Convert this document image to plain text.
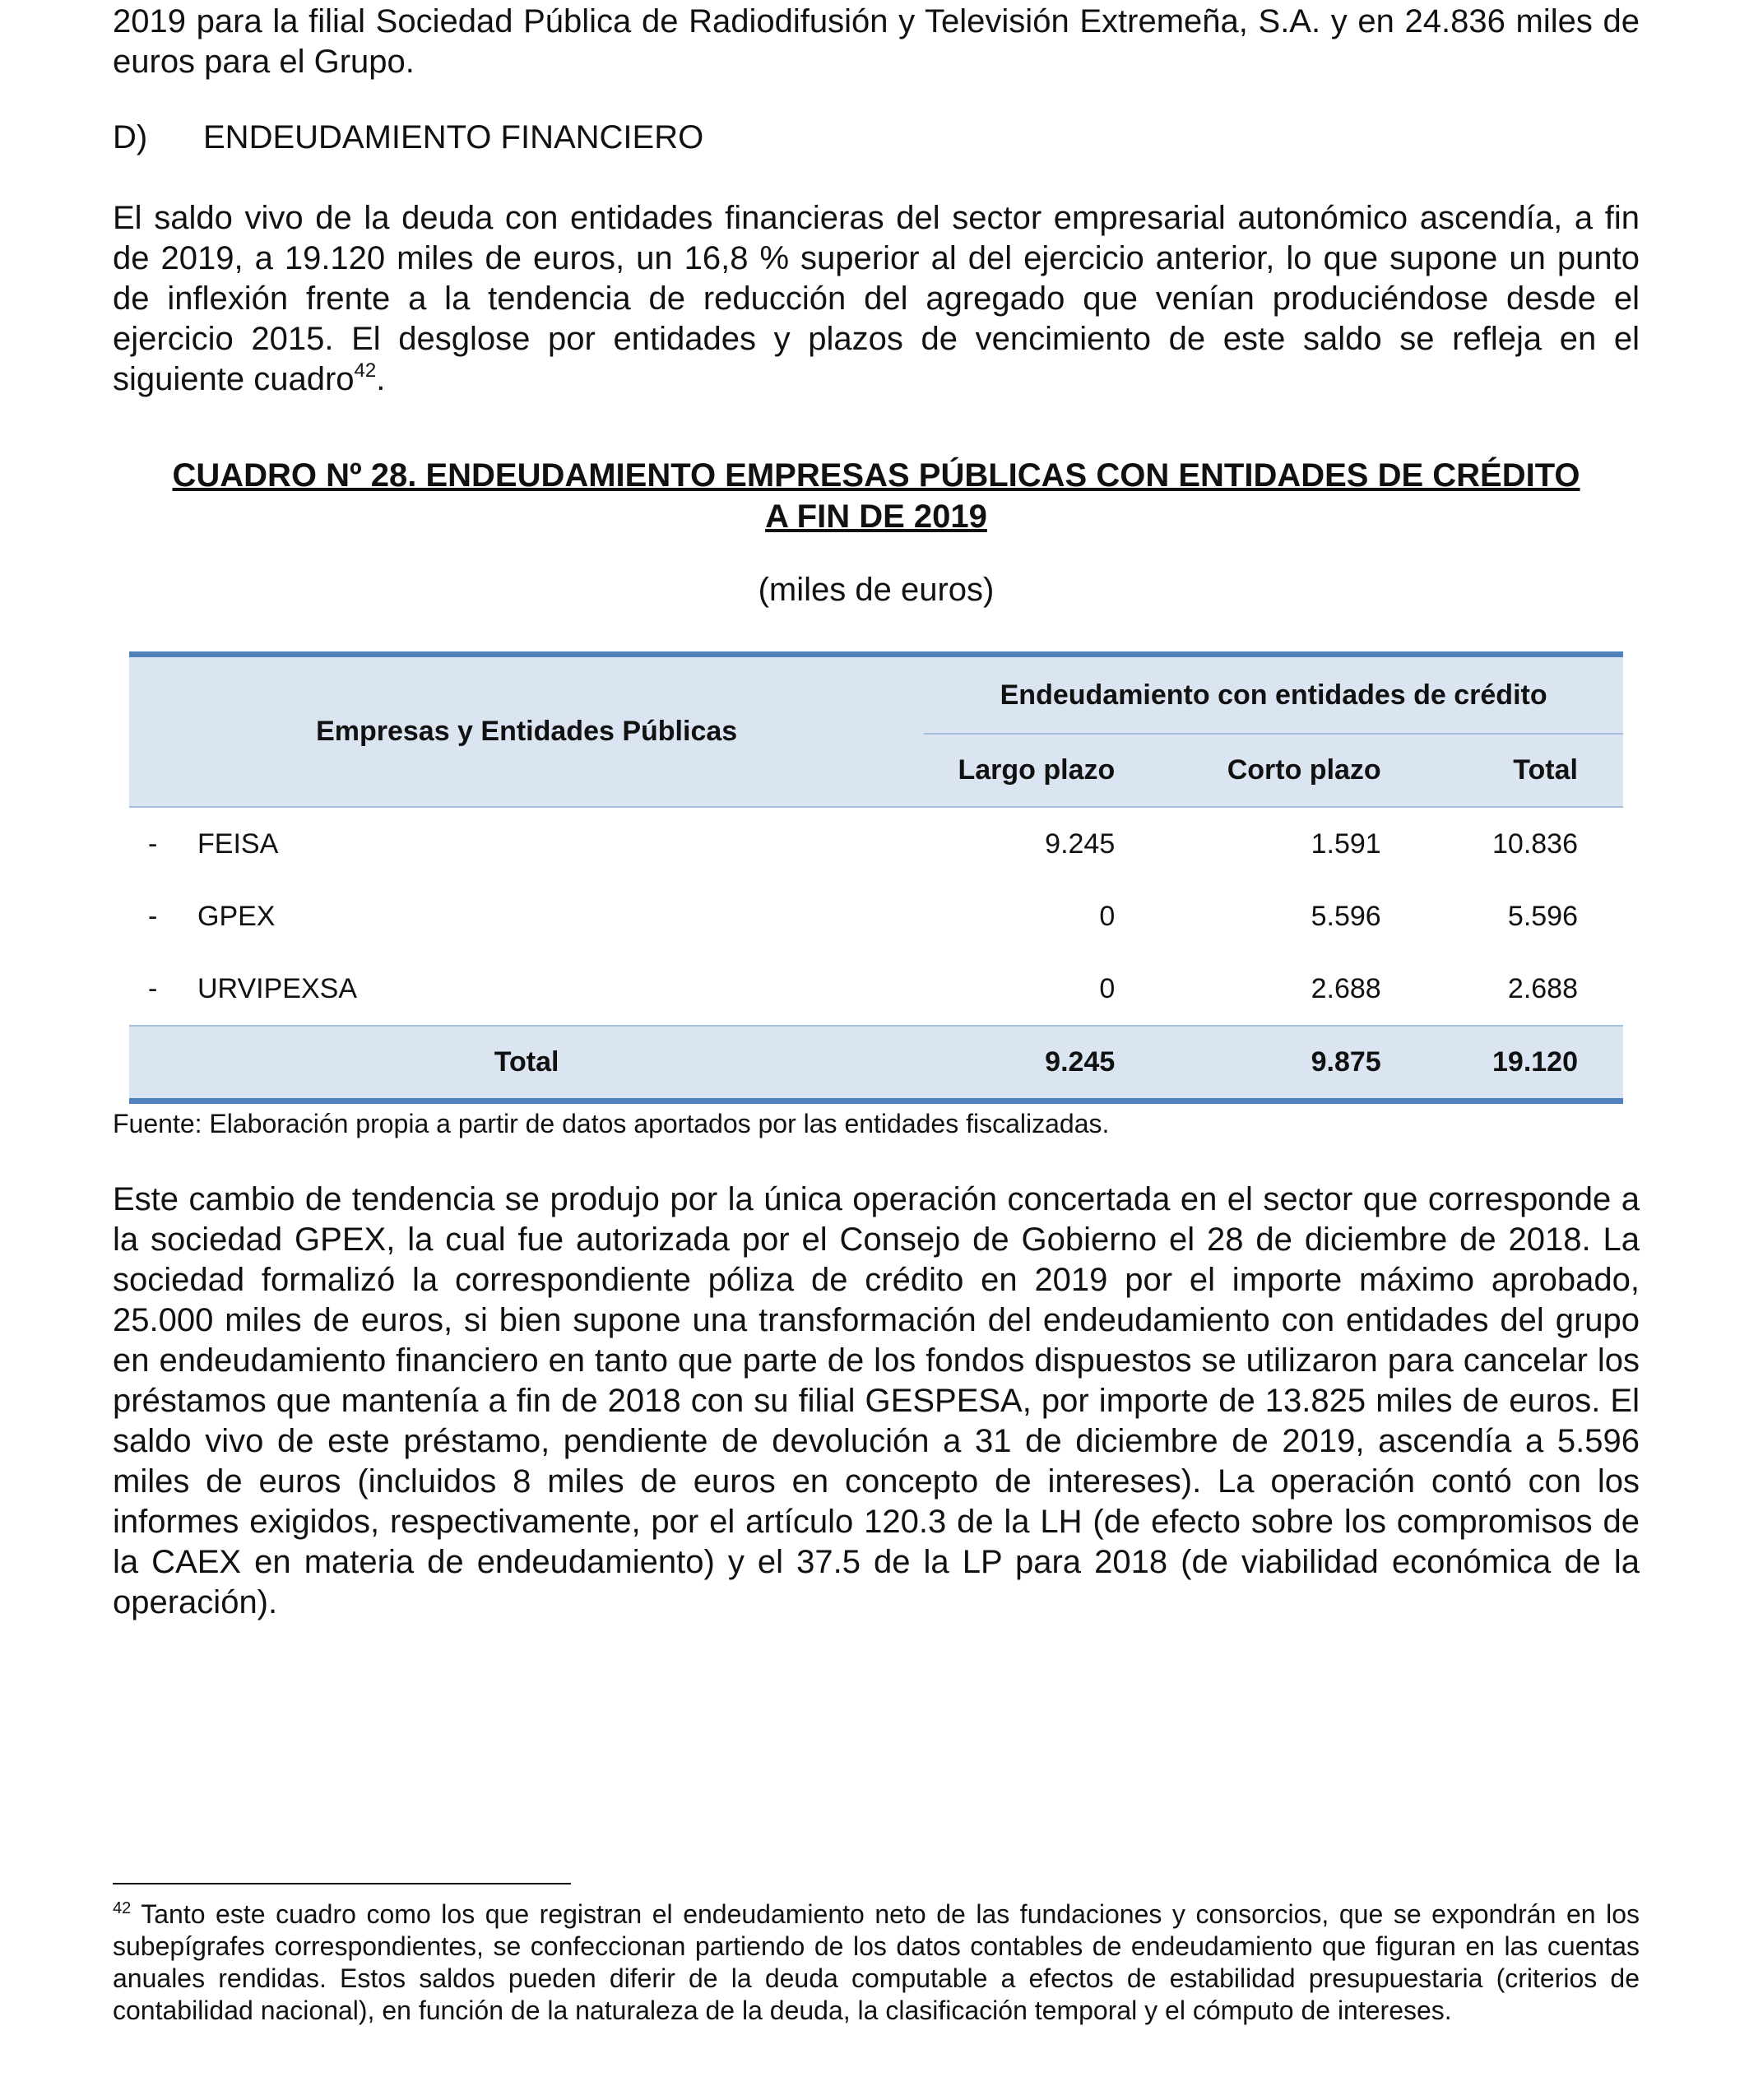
2019 para la filial Sociedad Pública de Radiodifusión y Televisión Extremeña, S.A. y en 24.836 miles de euros para el Grupo.

D) ENDEUDAMIENTO FINANCIERO

El saldo vivo de la deuda con entidades financieras del sector empresarial autonómico ascendía, a fin de 2019, a 19.120 miles de euros, un 16,8 % superior al del ejercicio anterior, lo que supone un punto de inflexión frente a la tendencia de reducción del agregado que venían produciéndose desde el ejercicio 2015. El desglose por entidades y plazos de vencimiento de este saldo se refleja en el siguiente cuadro$^{42}$.

CUADRO Nº 28. ENDEUDAMIENTO EMPRESAS PÚBLICAS CON ENTIDADES DE CRÉDITO
A FIN DE 2019
(miles de euros)
Empresas y Entidades Públicas	Endeudamiento con entidades de crédito		
	Largo plazo	Corto plazo	Total
- FEISA	9.245	1.591	10.836
- GPEX	0	5.596	5.596
- URVIPEXSA	0	2.688	2.688
Total	9.245	9.875	19.120
Fuente: Elaboración propia a partir de datos aportados por las entidades fiscalizadas.

Este cambio de tendencia se produjo por la única operación concertada en el sector que corresponde a la sociedad GPEX, la cual fue autorizada por el Consejo de Gobierno el 28 de diciembre de 2018. La sociedad formalizó la correspondiente póliza de crédito en 2019 por el importe máximo aprobado, 25.000 miles de euros, si bien supone una transformación del endeudamiento con entidades del grupo en endeudamiento financiero en tanto que parte de los fondos dispuestos se utilizaron para cancelar los préstamos que mantenía a fin de 2018 con su filial GESPESA, por importe de 13.825 miles de euros. El saldo vivo de este préstamo, pendiente de devolución a 31 de diciembre de 2019, ascendía a 5.596 miles de euros (incluidos 8 miles de euros en concepto de intereses). La operación contó con los informes exigidos, respectivamente, por el artículo 120.3 de la LH (de efecto sobre los compromisos de la CAEX en materia de endeudamiento) y el 37.5 de la LP para 2018 (de viabilidad económica de la operación).

$^{42}$ Tanto este cuadro como los que registran el endeudamiento neto de las fundaciones y consorcios, que se expondrán en los subepígrafes correspondientes, se confeccionan partiendo de los datos contables de endeudamiento que figuran en las cuentas anuales rendidas. Estos saldos pueden diferir de la deuda computable a efectos de estabilidad presupuestaria (criterios de contabilidad nacional), en función de la naturaleza de la deuda, la clasificación temporal y el cómputo de intereses.
